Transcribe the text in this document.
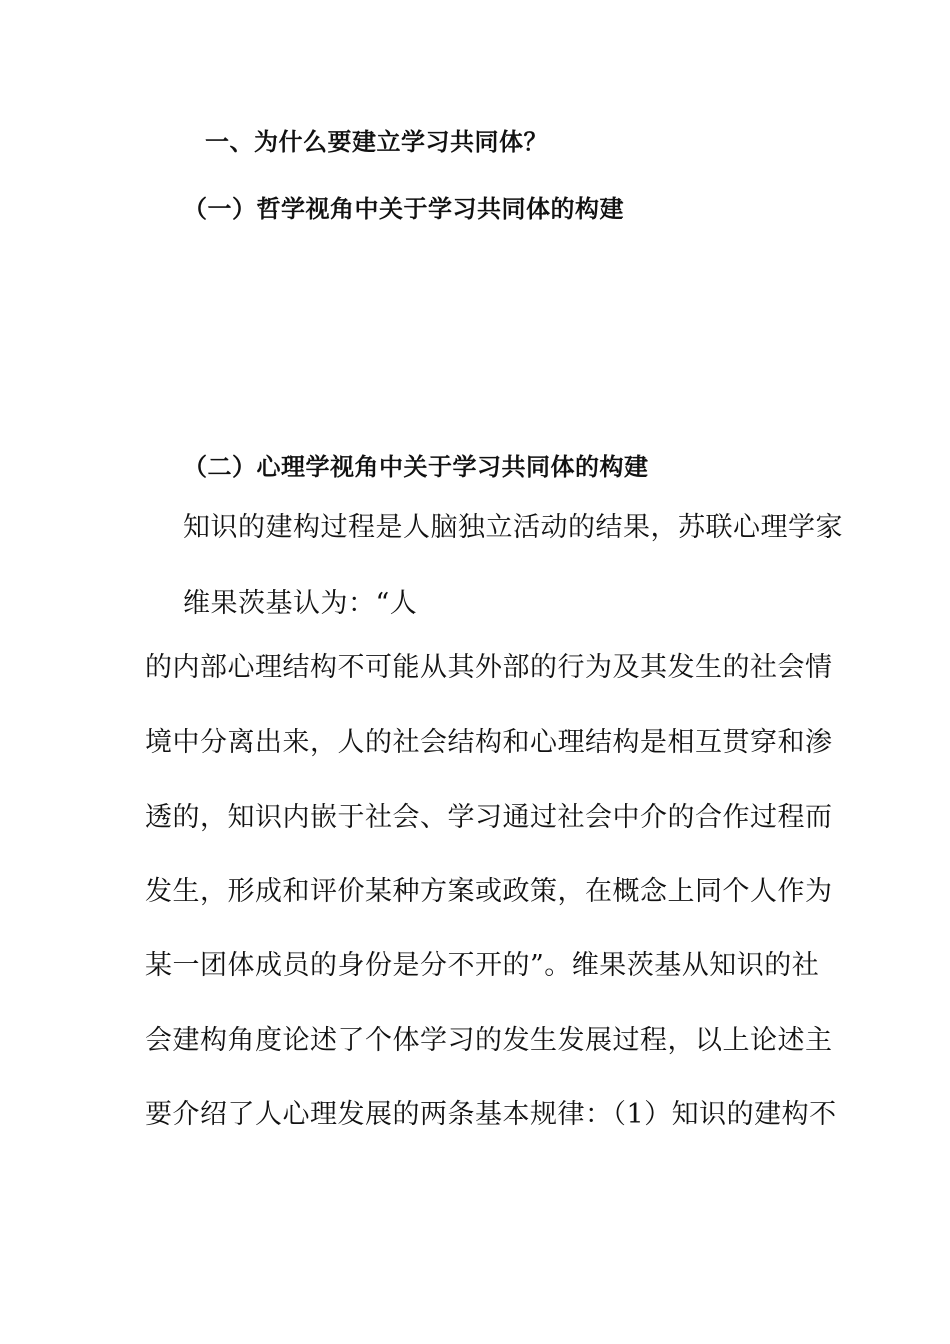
一、为什么要建立学习共同体？
（一）哲学视角中关于学习共同体的构建
（二）心理学视角中关于学习共同体的构建
知识的建构过程是人脑独立活动的结果，苏联心理学家
维果茨基认为：“人
的内部心理结构不可能从其外部的行为及其发生的社会情
境中分离出来，人的社会结构和心理结构是相互贯穿和渗
透的，知识内嵌于社会、学习通过社会中介的合作过程而
发生，形成和评价某种方案或政策，在概念上同个人作为
某一团体成员的身份是分不开的”。维果茨基从知识的社
会建构角度论述了个体学习的发生发展过程，以上论述主
要介绍了人心理发展的两条基本规律：（1）知识的建构不
